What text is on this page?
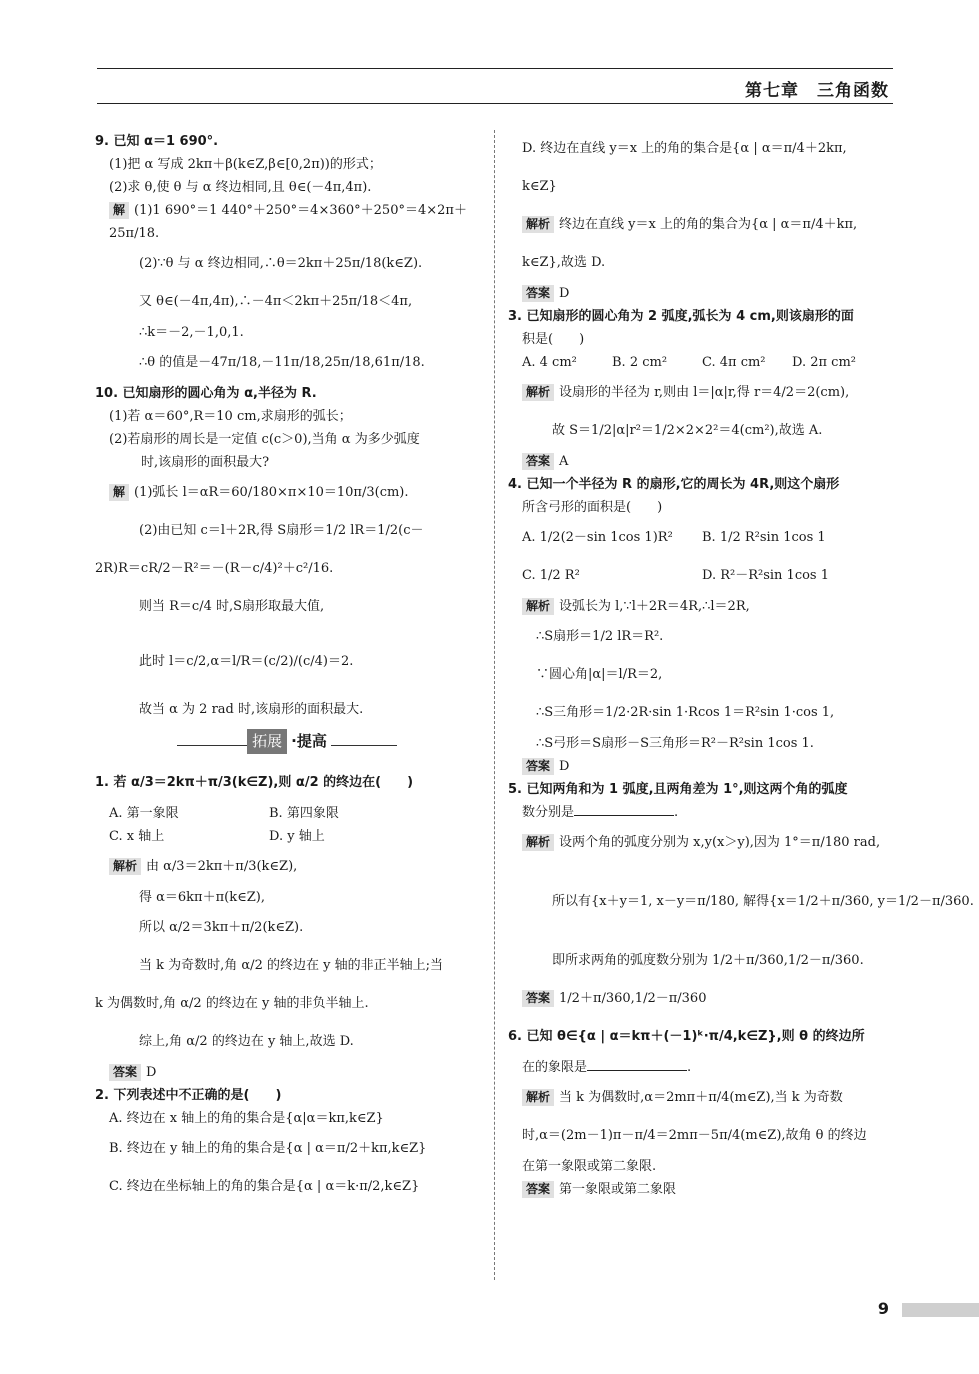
第七章　三角函数
9. 已知 α＝1 690°.
(1)把 α 写成 2kπ＋β(k∈Z,β∈[0,2π))的形式；
(2)求 θ,使 θ 与 α 终边相同,且 θ∈(－4π,4π).
解 (1)1 690°＝1 440°＋250°＝4×360°＋250°＝4×2π＋
25π/18.
(2)∵θ 与 α 终边相同,∴θ＝2kπ＋25π/18(k∈Z).
又 θ∈(－4π,4π),∴－4π＜2kπ＋25π/18＜4π,
∴k＝－2,－1,0,1.
∴θ 的值是－47π/18,－11π/18,25π/18,61π/18.
10. 已知扇形的圆心角为 α,半径为 R.
(1)若 α＝60°,R＝10 cm,求扇形的弧长；
(2)若扇形的周长是一定值 c(c＞0),当角 α 为多少弧度
时,该扇形的面积最大?
解 (1)弧长 l＝αR＝60/180×π×10＝10π/3(cm).
(2)由已知 c＝l＋2R,得 S扇形＝1/2 lR＝1/2(c－
2R)R＝cR/2－R²＝－(R－c/4)²＋c²/16.
则当 R＝c/4 时,S扇形取最大值,
此时 l＝c/2,α＝l/R＝(c/2)/(c/4)＝2.
故当 α 为 2 rad 时,该扇形的面积最大.
拓展 ·提高
1. 若 α/3＝2kπ＋π/3(k∈Z),则 α/2 的终边在(　　)
A. 第一象限	B. 第四象限
C. x 轴上	D. y 轴上
解析 由 α/3＝2kπ＋π/3(k∈Z),
得 α＝6kπ＋π(k∈Z),
所以 α/2＝3kπ＋π/2(k∈Z).
当 k 为奇数时,角 α/2 的终边在 y 轴的非正半轴上;当
k 为偶数时,角 α/2 的终边在 y 轴的非负半轴上.
综上,角 α/2 的终边在 y 轴上,故选 D.
答案 D
2. 下列表述中不正确的是(　　)
A. 终边在 x 轴上的角的集合是{α|α＝kπ,k∈Z}
B. 终边在 y 轴上的角的集合是{α | α＝π/2＋kπ,k∈Z}
C. 终边在坐标轴上的角的集合是{α | α＝k·π/2,k∈Z}
D. 终边在直线 y＝x 上的角的集合是{α | α＝π/4＋2kπ,
k∈Z}
解析 终边在直线 y＝x 上的角的集合为{α | α＝π/4＋kπ,
k∈Z},故选 D.
答案 D
3. 已知扇形的圆心角为 2 弧度,弧长为 4 cm,则该扇形的面
积是(　　)
A. 4 cm²	B. 2 cm²	C. 4π cm² D. 2π cm²
解析 设扇形的半径为 r,则由 l＝|α|r,得 r＝4/2＝2(cm),
故 S＝1/2|α|r²＝1/2×2×2²＝4(cm²),故选 A.
答案 A
4. 已知一个半径为 R 的扇形,它的周长为 4R,则这个扇形
所含弓形的面积是(　　)
A. 1/2(2－sin 1cos 1)R² B. 1/2 R²sin 1cos 1
C. 1/2 R²	D. R²－R²sin 1cos 1
解析 设弧长为 l,∵l＋2R＝4R,∴l＝2R,
∴S扇形＝1/2 lR＝R².
∵圆心角|α|＝l/R＝2,
∴S三角形＝1/2·2R·sin 1·Rcos 1＝R²sin 1·cos 1,
∴S弓形＝S扇形－S三角形＝R²－R²sin 1cos 1.
答案 D
5. 已知两角和为 1 弧度,且两角差为 1°,则这两个角的弧度
数分别是	.
解析 设两个角的弧度分别为 x,y(x＞y),因为 1°＝π/180 rad,
所以有{x＋y＝1, x－y＝π/180, 解得{x＝1/2＋π/360, y＝1/2－π/360.
即所求两角的弧度数分别为 1/2＋π/360,1/2－π/360.
答案 1/2＋π/360,1/2－π/360
6. 已知 θ∈{α | α＝kπ＋(－1)ᵏ·π/4,k∈Z},则 θ 的终边所
在的象限是	.
解析 当 k 为偶数时,α＝2mπ＋π/4(m∈Z),当 k 为奇数
时,α＝(2m－1)π－π/4＝2mπ－5π/4(m∈Z),故角 θ 的终边
在第一象限或第二象限.
答案 第一象限或第二象限
9
